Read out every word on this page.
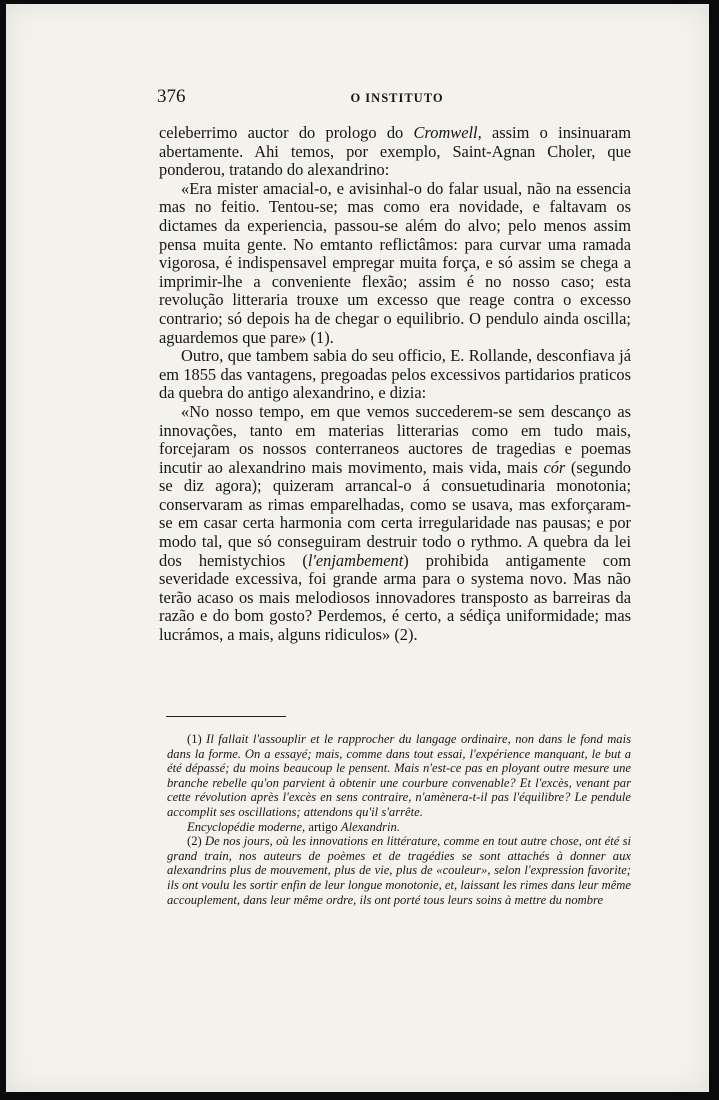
376	O INSTITUTO

celeberrimo auctor do prologo do Cromwell, assim o insinuaram abertamente. Ahi temos, por exemplo, Saint-Agnan Choler, que ponderou, tratando do alexandrino:

«Era mister amacial-o, e avisinhal-o do falar usual, não na essencia mas no feitio. Tentou-se; mas como era novidade, e faltavam os dictames da experiencia, passou-se além do alvo; pelo menos assim pensa muita gente. No emtanto reflictâmos: para curvar uma ramada vigorosa, é indispensavel empregar muita força, e só assim se chega a imprimir-lhe a conveniente flexão; assim é no nosso caso; esta revolução litteraria trouxe um excesso que reage contra o excesso contrario; só depois ha de chegar o equilibrio. O pendulo ainda oscilla; aguardemos que pare» (1).

Outro, que tambem sabia do seu officio, E. Rollande, desconfiava já em 1855 das vantagens, pregoadas pelos excessivos partidarios praticos da quebra do antigo alexandrino, e dizia:

«No nosso tempo, em que vemos succederem-se sem descanço as innovações, tanto em materias litterarias como em tudo mais, forcejaram os nossos conterraneos auctores de tragedias e poemas incutir ao alexandrino mais movimento, mais vida, mais cór (segundo se diz agora); quizeram arrancal-o á consuetudinaria monotonia; conservaram as rimas emparelhadas, como se usava, mas exforçaram-se em casar certa harmonia com certa irregularidade nas pausas; e por modo tal, que só conseguiram destruir todo o rythmo. A quebra da lei dos hemistychios (l'enjambement) prohibida antigamente com severidade excessiva, foi grande arma para o systema novo. Mas não terão acaso os mais melodiosos innovadores transposto as barreiras da razão e do bom gosto? Perdemos, é certo, a sédiça uniformidade; mas lucrámos, a mais, alguns ridiculos» (2).

(1) Il fallait l'assouplir et le rapprocher du langage ordinaire, non dans le fond mais dans la forme. On a essayé; mais, comme dans tout essai, l'expérience manquant, le but a été dépassé; du moins beaucoup le pensent. Mais n'est-ce pas en ployant outre mesure une branche rebelle qu'on parvient à obtenir une courbure convenable? Et l'excès, venant par cette révolution après l'excès en sens contraire, n'amènera-t-il pas l'équilibre? Le pendule accomplit ses oscillations; attendons qu'il s'arrête.

Encyclopédie moderne, artigo Alexandrin.

(2) De nos jours, où les innovations en littérature, comme en tout autre chose, ont été si grand train, nos auteurs de poèmes et de tragédies se sont attachés à donner aux alexandrins plus de mouvement, plus de vie, plus de «couleur», selon l'expression favorite; ils ont voulu les sortir enfin de leur longue monotonie, et, laissant les rimes dans leur même accouplement, dans leur même ordre, ils ont porté tous leurs soins à mettre du nombre
